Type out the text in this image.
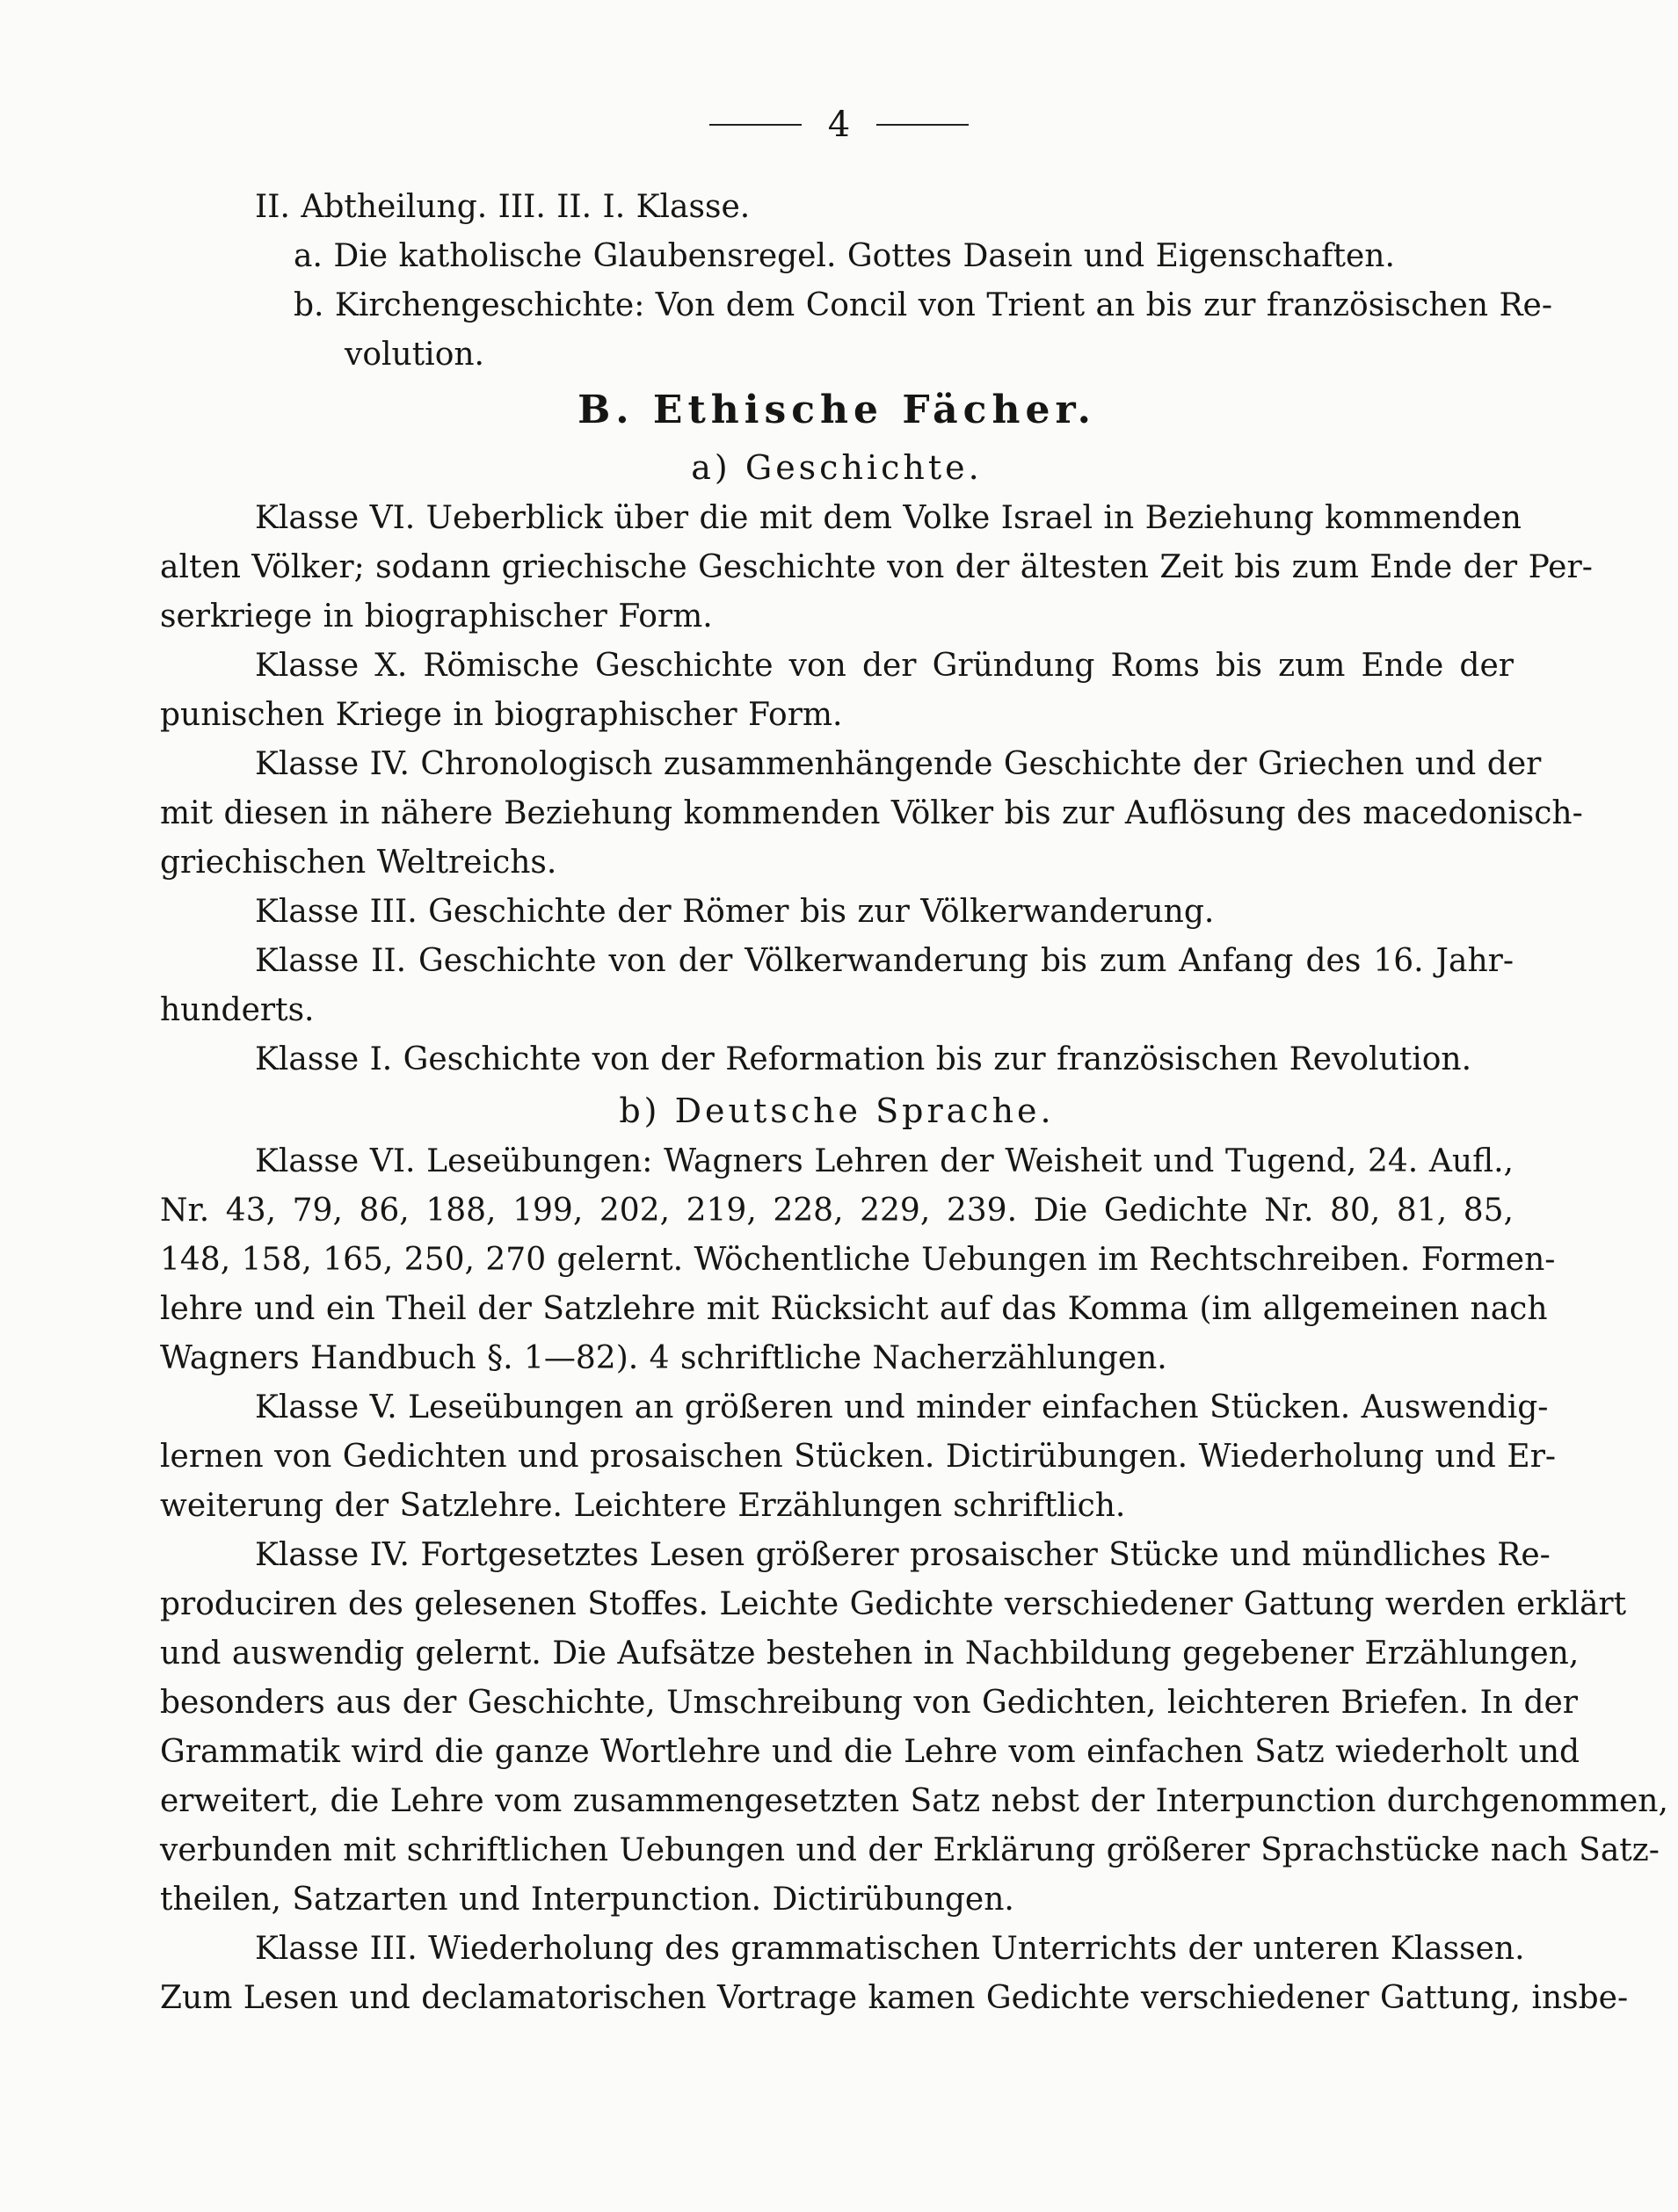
4
II. Abtheilung. III. II. I. Klasse.
a. Die katholische Glaubensregel. Gottes Dasein und Eigenschaften.
b. Kirchengeschichte: Von dem Concil von Trient an bis zur französischen Re-
volution.
B. Ethische Fächer.
a) Geschichte.
Klasse VI. Ueberblick über die mit dem Volke Israel in Beziehung kommenden
alten Völker; sodann griechische Geschichte von der ältesten Zeit bis zum Ende der Per-
serkriege in biographischer Form.
Klasse X. Römische Geschichte von der Gründung Roms bis zum Ende der
punischen Kriege in biographischer Form.
Klasse IV. Chronologisch zusammenhängende Geschichte der Griechen und der
mit diesen in nähere Beziehung kommenden Völker bis zur Auflösung des macedonisch-
griechischen Weltreichs.
Klasse III. Geschichte der Römer bis zur Völkerwanderung.
Klasse II. Geschichte von der Völkerwanderung bis zum Anfang des 16. Jahr-
hunderts.
Klasse I. Geschichte von der Reformation bis zur französischen Revolution.
b) Deutsche Sprache.
Klasse VI. Leseübungen: Wagners Lehren der Weisheit und Tugend, 24. Aufl.,
Nr. 43, 79, 86, 188, 199, 202, 219, 228, 229, 239. Die Gedichte Nr. 80, 81, 85,
148, 158, 165, 250, 270 gelernt. Wöchentliche Uebungen im Rechtschreiben. Formen-
lehre und ein Theil der Satzlehre mit Rücksicht auf das Komma (im allgemeinen nach
Wagners Handbuch §. 1—82). 4 schriftliche Nacherzählungen.
Klasse V. Leseübungen an größeren und minder einfachen Stücken. Auswendig-
lernen von Gedichten und prosaischen Stücken. Dictirübungen. Wiederholung und Er-
weiterung der Satzlehre. Leichtere Erzählungen schriftlich.
Klasse IV. Fortgesetztes Lesen größerer prosaischer Stücke und mündliches Re-
produciren des gelesenen Stoffes. Leichte Gedichte verschiedener Gattung werden erklärt
und auswendig gelernt. Die Aufsätze bestehen in Nachbildung gegebener Erzählungen,
besonders aus der Geschichte, Umschreibung von Gedichten, leichteren Briefen. In der
Grammatik wird die ganze Wortlehre und die Lehre vom einfachen Satz wiederholt und
erweitert, die Lehre vom zusammengesetzten Satz nebst der Interpunction durchgenommen,
verbunden mit schriftlichen Uebungen und der Erklärung größerer Sprachstücke nach Satz-
theilen, Satzarten und Interpunction. Dictirübungen.
Klasse III. Wiederholung des grammatischen Unterrichts der unteren Klassen.
Zum Lesen und declamatorischen Vortrage kamen Gedichte verschiedener Gattung, insbe-
